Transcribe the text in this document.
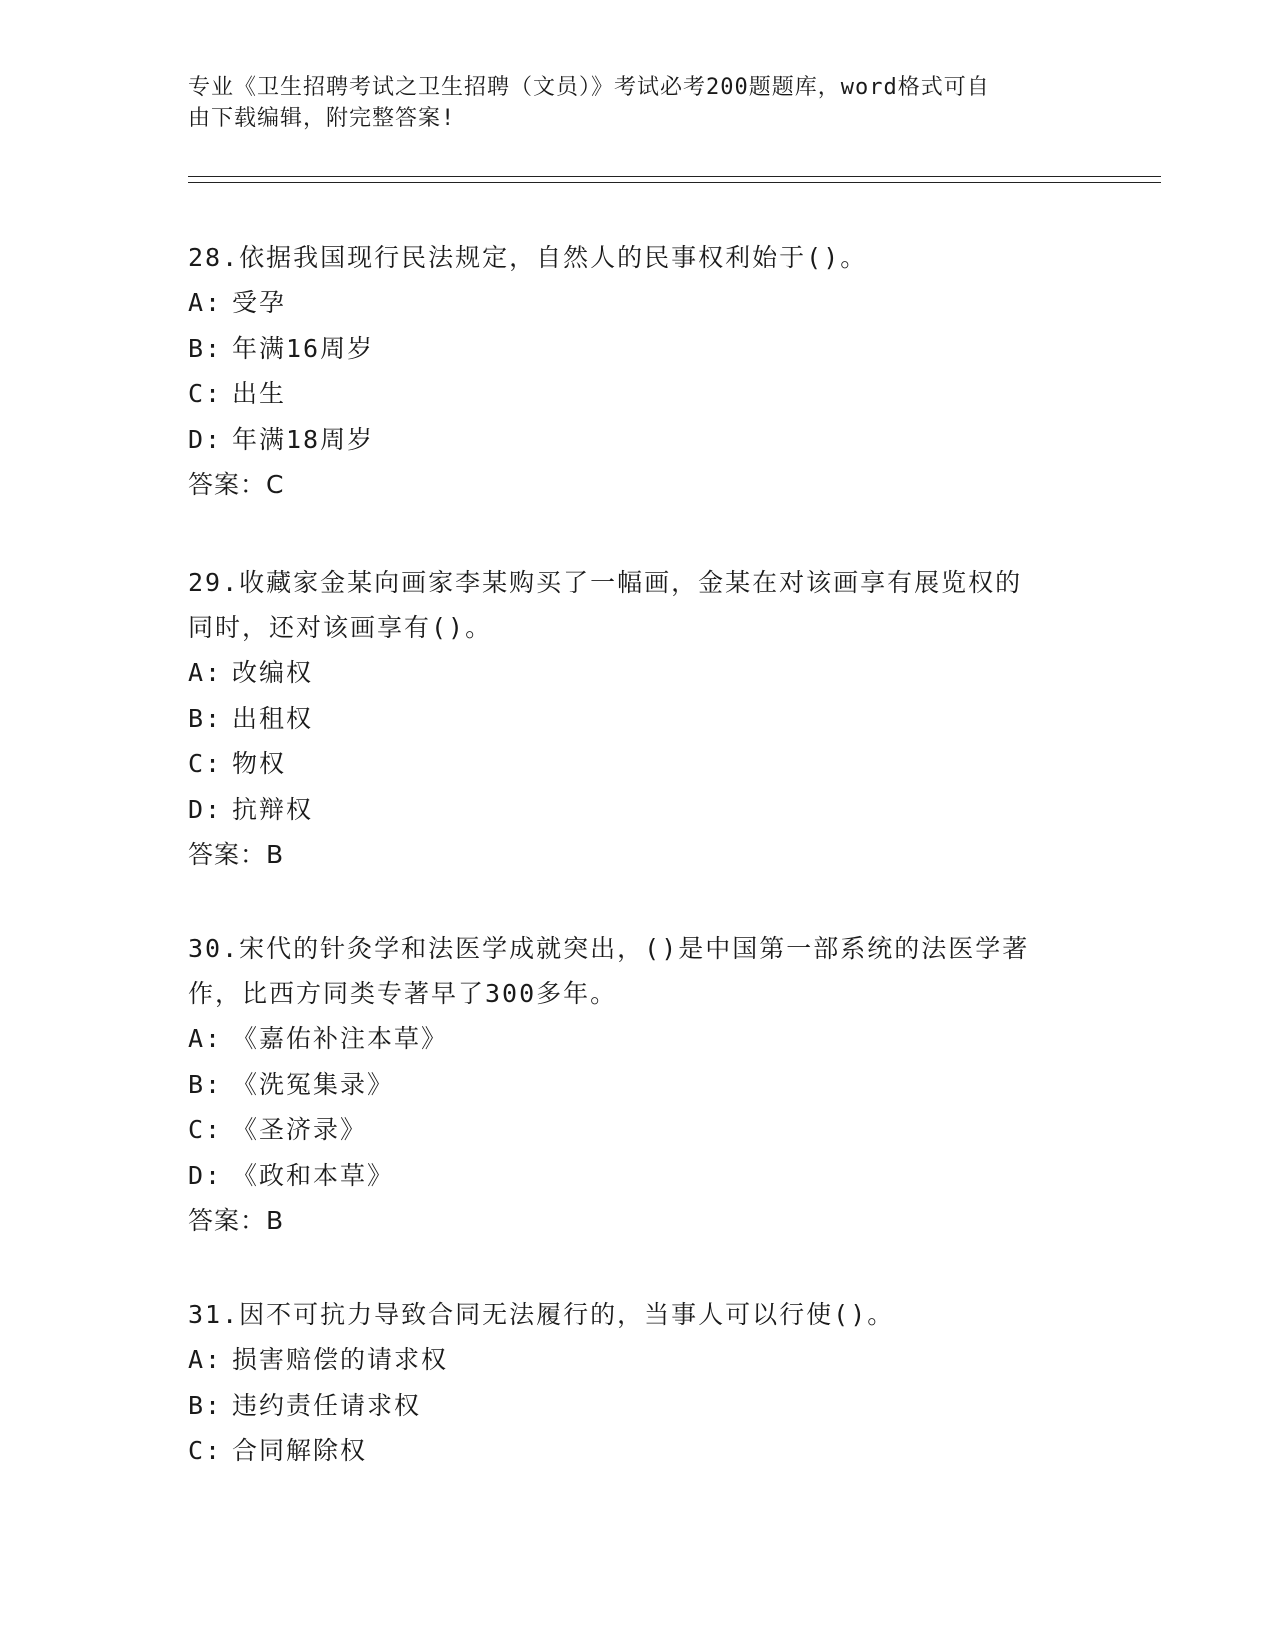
专业《卫生招聘考试之卫生招聘（文员）》考试必考200题题库，word格式可自
由下载编辑，附完整答案!

28.依据我国现行民法规定，自然人的民事权利始于()。

A: 受孕

B: 年满16周岁

C: 出生

D: 年满18周岁

答案：C

29.收藏家金某向画家李某购买了一幅画，金某在对该画享有展览权的

同时，还对该画享有()。

A: 改编权

B: 出租权

C: 物权

D: 抗辩权

答案：B

30.宋代的针灸学和法医学成就突出，()是中国第一部系统的法医学著

作，比西方同类专著早了300多年。

A: 《嘉佑补注本草》

B: 《洗冤集录》

C: 《圣济录》

D: 《政和本草》

答案：B

31.因不可抗力导致合同无法履行的，当事人可以行使()。

A: 损害赔偿的请求权

B: 违约责任请求权

C: 合同解除权
